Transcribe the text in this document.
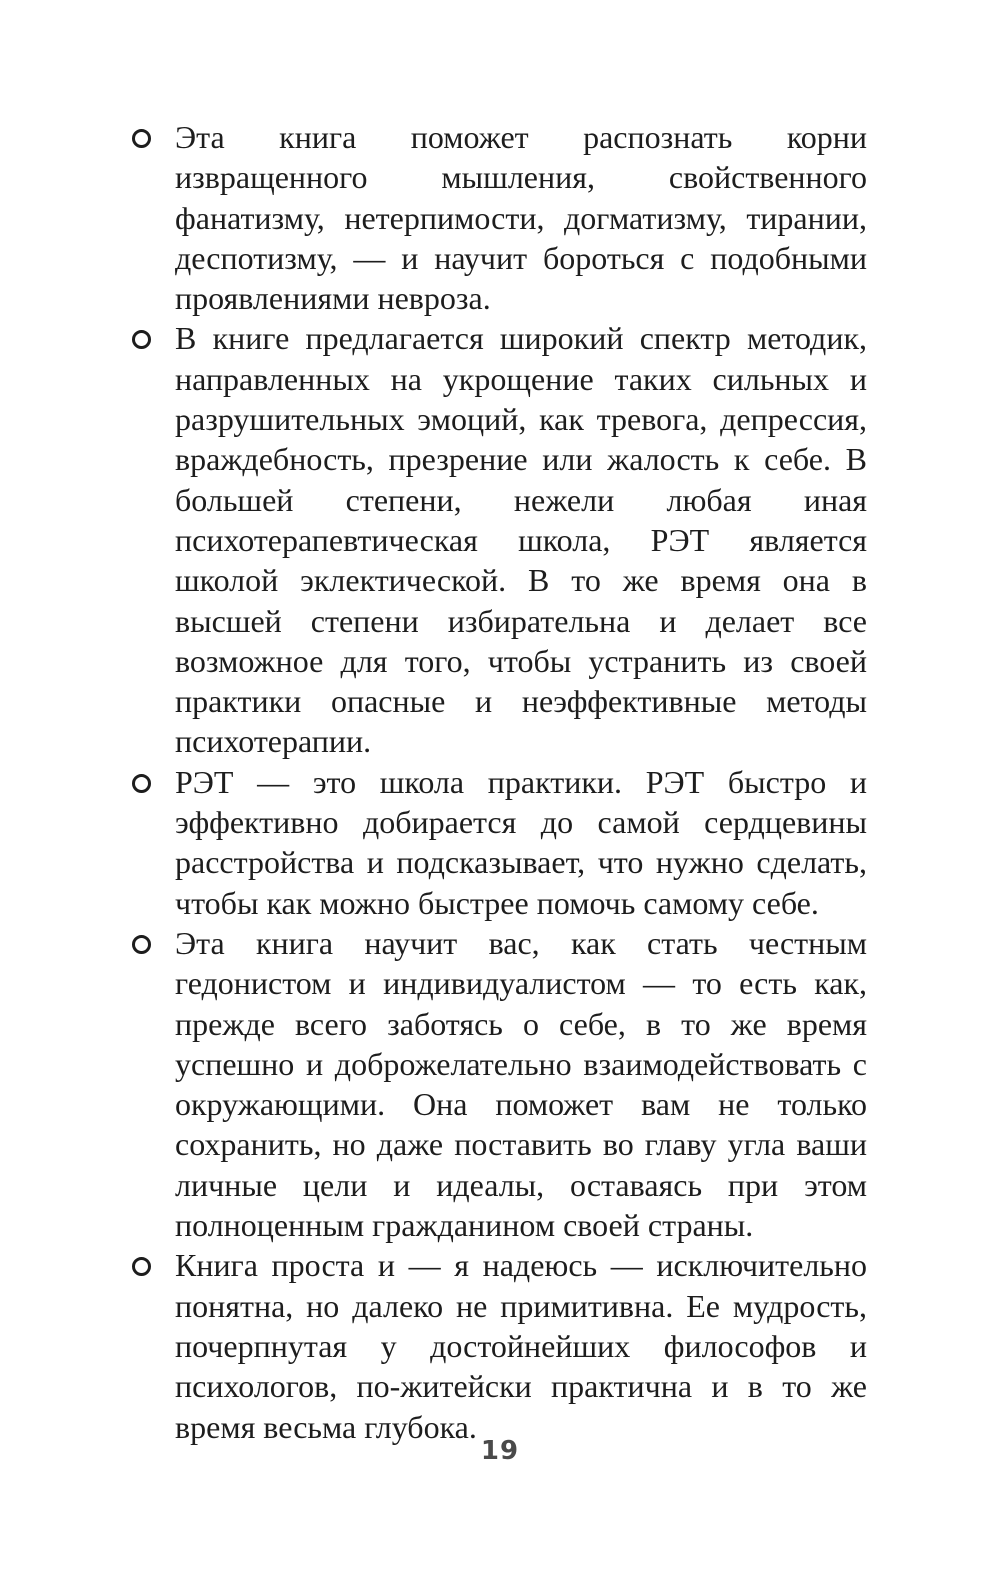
Эта книга поможет распознать корни извращенного мышления, свойственного фанатизму, нетерпимости, догматизму, тирании, деспотизму, — и научит бороться с подобными проявлениями невроза.
В книге предлагается широкий спектр методик, направленных на укрощение таких сильных и разрушительных эмоций, как тревога, депрессия, враждебность, презрение или жалость к себе. В большей степени, нежели любая иная психотерапевтическая школа, РЭТ является школой эклектической. В то же время она в высшей степени избирательна и делает все возможное для того, чтобы устранить из своей практики опасные и неэффективные методы психотерапии.
РЭТ — это школа практики. РЭТ быстро и эффективно добирается до самой сердцевины расстройства и подсказывает, что нужно сделать, чтобы как можно быстрее помочь самому себе.
Эта книга научит вас, как стать честным гедонистом и индивидуалистом — то есть как, прежде всего заботясь о себе, в то же время успешно и доброжелательно взаимодействовать с окружающими. Она поможет вам не только сохранить, но даже поставить во главу угла ваши личные цели и идеалы, оставаясь при этом полноценным гражданином своей страны.
Книга проста и — я надеюсь — исключительно понятна, но далеко не примитивна. Ее мудрость, почерпнутая у достойнейших философов и психологов, по-житейски практична и в то же время весьма глубока.
19
